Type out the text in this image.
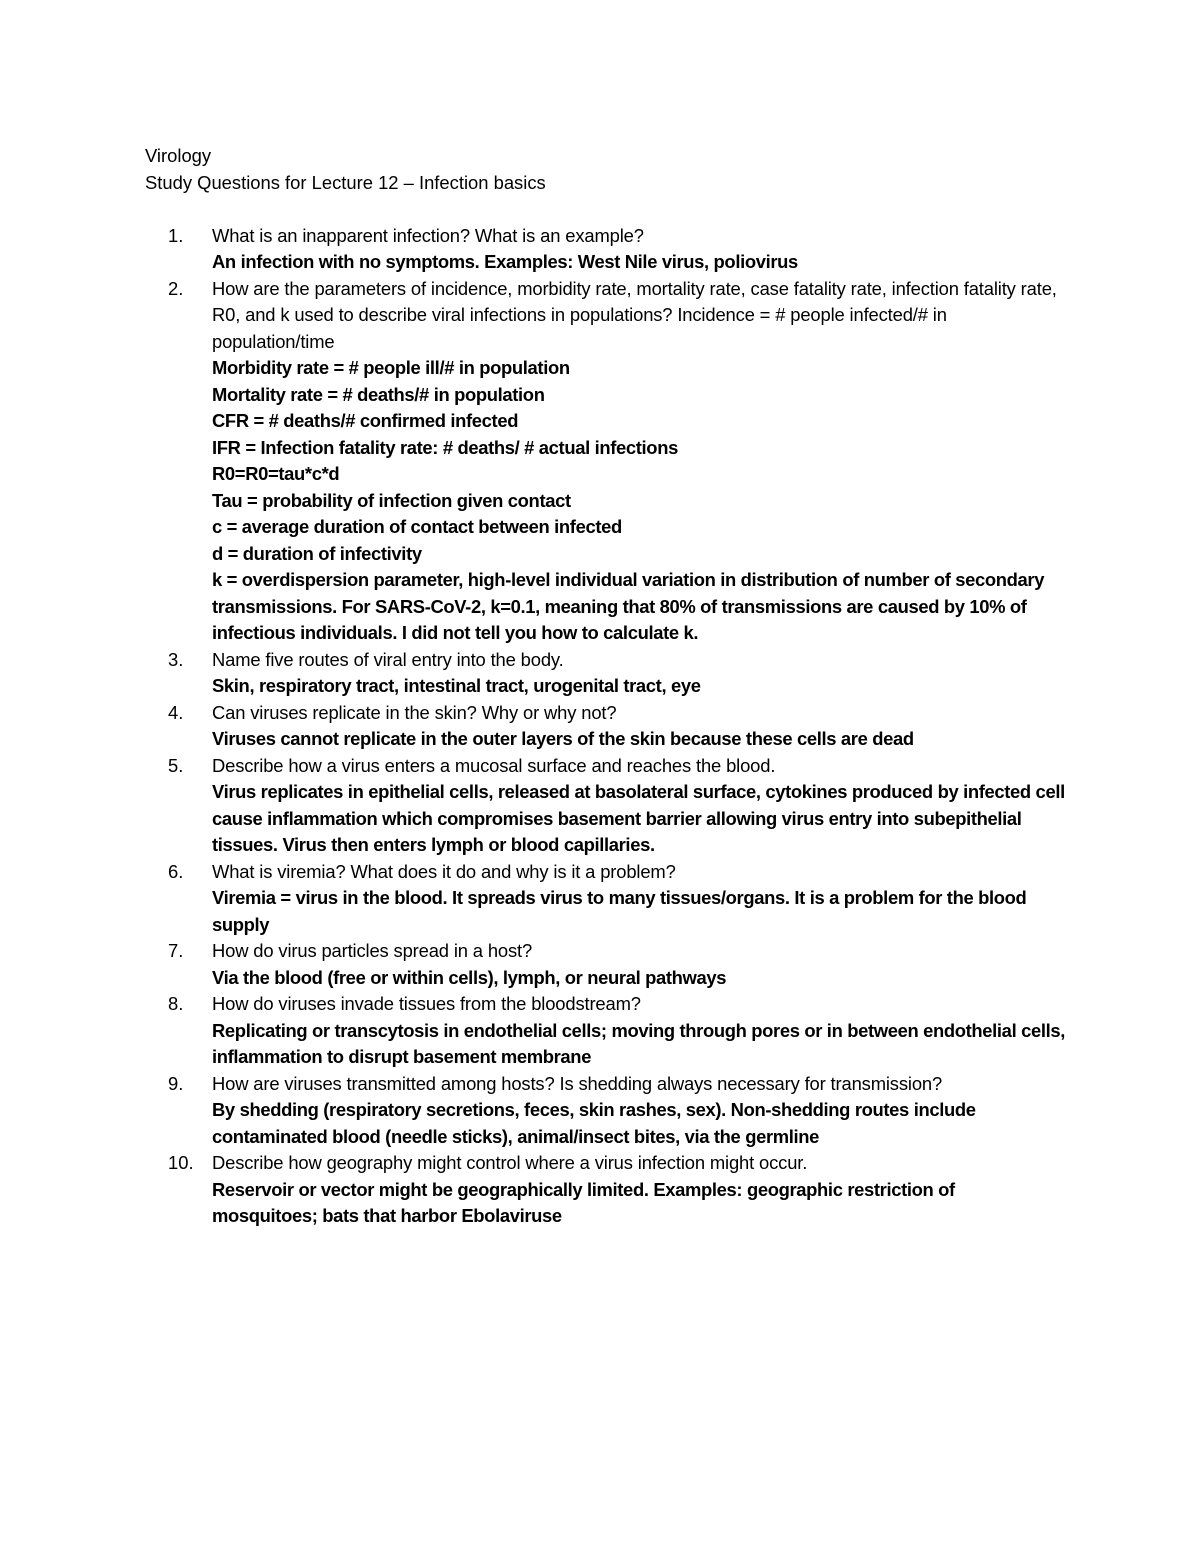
Virology

Study Questions for Lecture 12 – Infection basics

1.	What is an inapparent infection? What is an example?
An infection with no symptoms. Examples: West Nile virus, poliovirus
2.	How are the parameters of incidence, morbidity rate, mortality rate, case fatality rate, infection fatality rate, R0, and k used to describe viral infections in populations? Incidence = # people infected/# in population/time
Morbidity rate = # people ill/# in population
Mortality rate = # deaths/# in population
CFR = # deaths/# confirmed infected
IFR = Infection fatality rate: # deaths/ # actual infections
R0=R0=tau*c*d
Tau = probability of infection given contact
c = average duration of contact between infected
d = duration of infectivity
k = overdispersion parameter, high-level individual variation in distribution of number of secondary transmissions. For SARS-CoV-2, k=0.1, meaning that 80% of transmissions are caused by 10% of infectious individuals. I did not tell you how to calculate k.
3.	Name five routes of viral entry into the body.
Skin, respiratory tract, intestinal tract, urogenital tract, eye
4.	Can viruses replicate in the skin? Why or why not?
Viruses cannot replicate in the outer layers of the skin because these cells are dead
5.	Describe how a virus enters a mucosal surface and reaches the blood.
Virus replicates in epithelial cells, released at basolateral surface, cytokines produced by infected cell cause inflammation which compromises basement barrier allowing virus entry into subepithelial tissues. Virus then enters lymph or blood capillaries.
6.	What is viremia? What does it do and why is it a problem?
Viremia = virus in the blood. It spreads virus to many tissues/organs. It is a problem for the blood supply
7.	How do virus particles spread in a host?
Via the blood (free or within cells), lymph, or neural pathways
8.	How do viruses invade tissues from the bloodstream?
Replicating or transcytosis in endothelial cells; moving through pores or in between endothelial cells, inflammation to disrupt basement membrane
9.	How are viruses transmitted among hosts? Is shedding always necessary for transmission?
By shedding (respiratory secretions, feces, skin rashes, sex). Non-shedding routes include contaminated blood (needle sticks), animal/insect bites, via the germline
10.	Describe how geography might control where a virus infection might occur.
Reservoir or vector might be geographically limited. Examples: geographic restriction of mosquitoes; bats that harbor Ebolaviruse
